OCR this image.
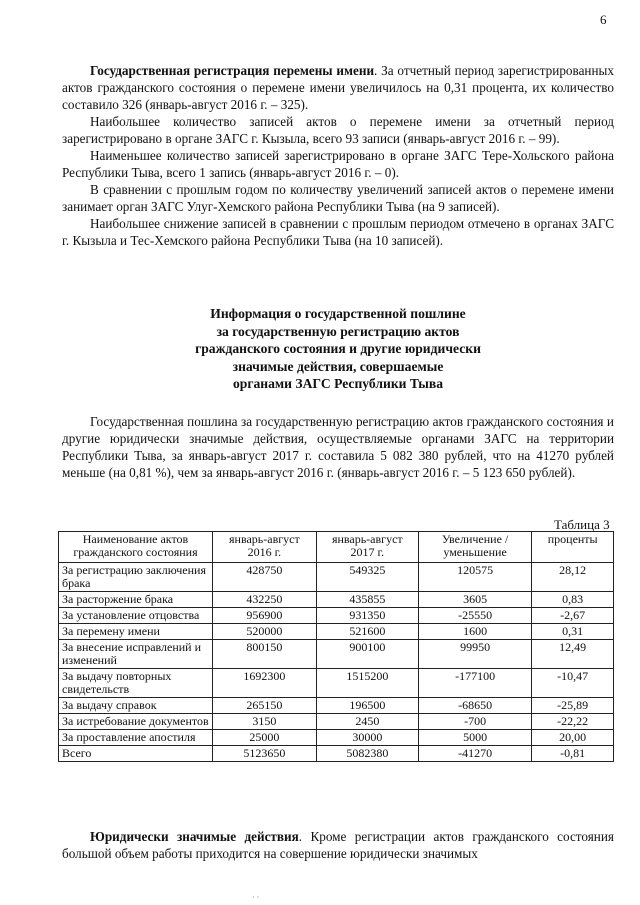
6

Государственная регистрация перемены имени. За отчетный период зарегистрированных актов гражданского состояния о перемене имени увеличилось на 0,31 процента, их количество составило 326 (январь-август 2016 г. – 325).

Наибольшее количество записей актов о перемене имени за отчетный период зарегистрировано в органе ЗАГС г. Кызыла, всего 93 записи (январь-август 2016 г. – 99).

Наименьшее количество записей зарегистрировано в органе ЗАГС Тере-Хольского района Республики Тыва, всего 1 запись (январь-август 2016 г. – 0).

В сравнении с прошлым годом по количеству увеличений записей актов о перемене имени занимает орган ЗАГС Улуг-Хемского района Республики Тыва (на 9 записей).

Наибольшее снижение записей в сравнении с прошлым периодом отмечено в органах ЗАГС г. Кызыла и Тес-Хемского района Республики Тыва (на 10 записей).

Информация о государственной пошлине
за государственную регистрацию актов
гражданского состояния и другие юридически
значимые действия, совершаемые
органами ЗАГС Республики Тыва

Государственная пошлина за государственную регистрацию актов гражданского состояния и другие юридически значимые действия, осуществляемые органами ЗАГС на территории Республики Тыва, за январь-август 2017 г. составила 5 082 380 рублей, что на 41270 рублей меньше (на 0,81 %), чем за январь-август 2016 г. (январь-август 2016 г. – 5 123 650 рублей).

Таблица 3
Наименование актов гражданского состояния	январь-август 2016 г.	январь-август 2017 г.	Увеличение /уменьшение	проценты
За регистрацию заключения брака	428750	549325	120575	28,12
За расторжение брака	432250	435855	3605	0,83
За установление отцовства	956900	931350	-25550	-2,67
За перемену имени	520000	521600	1600	0,31
За внесение исправлений и изменений	800150	900100	99950	12,49
За выдачу повторных свидетельств	1692300	1515200	-177100	-10,47
За выдачу справок	265150	196500	-68650	-25,89
За истребование документов	3150	2450	-700	-22,22
За проставление апостиля	25000	30000	5000	20,00
Всего	5123650	5082380	-41270	-0,81

Юридически значимые действия. Кроме регистрации актов гражданского состояния большой объем работы приходится на совершение юридически значимых

· ·
